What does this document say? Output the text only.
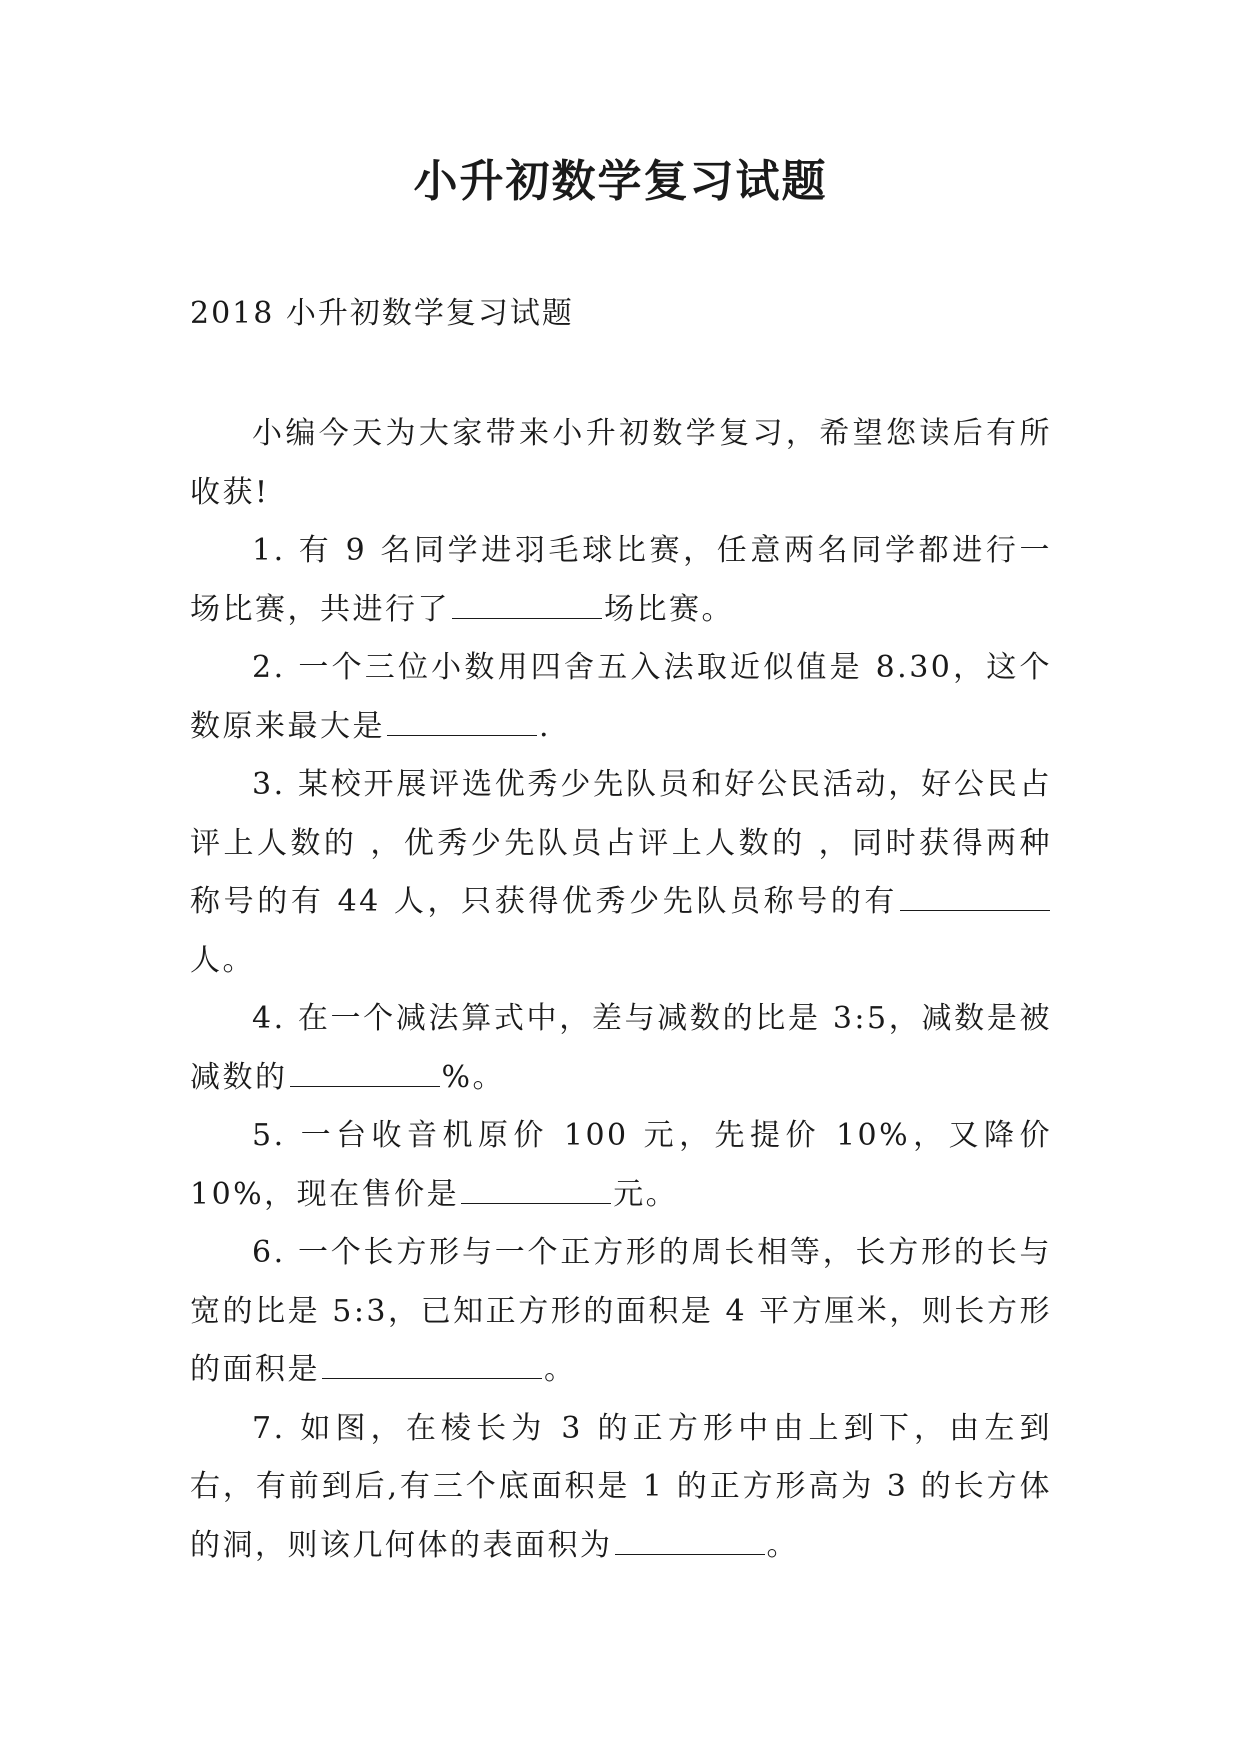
小升初数学复习试题
2018 小升初数学复习试题

小编今天为大家带来小升初数学复习，希望您读后有所收获!

1. 有 9 名同学进羽毛球比赛，任意两名同学都进行一场比赛，共进行了	场比赛。

2. 一个三位小数用四舍五入法取近似值是 8.30，这个数原来最大是	.

3. 某校开展评选优秀少先队员和好公民活动，好公民占评上人数的 ，优秀少先队员占评上人数的 ，同时获得两种称号的有 44 人，只获得优秀少先队员称号的有人。

4. 在一个减法算式中，差与减数的比是 3:5，减数是被减数的	%。

5. 一台收音机原价 100 元，先提价 10%，又降价 10%，现在售价是	元。

6. 一个长方形与一个正方形的周长相等，长方形的长与宽的比是 5:3，已知正方形的面积是 4 平方厘米，则长方形的面积是	。

7. 如图，在棱长为 3 的正方形中由上到下，由左到右，有前到后,有三个底面积是 1 的正方形高为 3 的长方体的洞，则该几何体的表面积为	。
